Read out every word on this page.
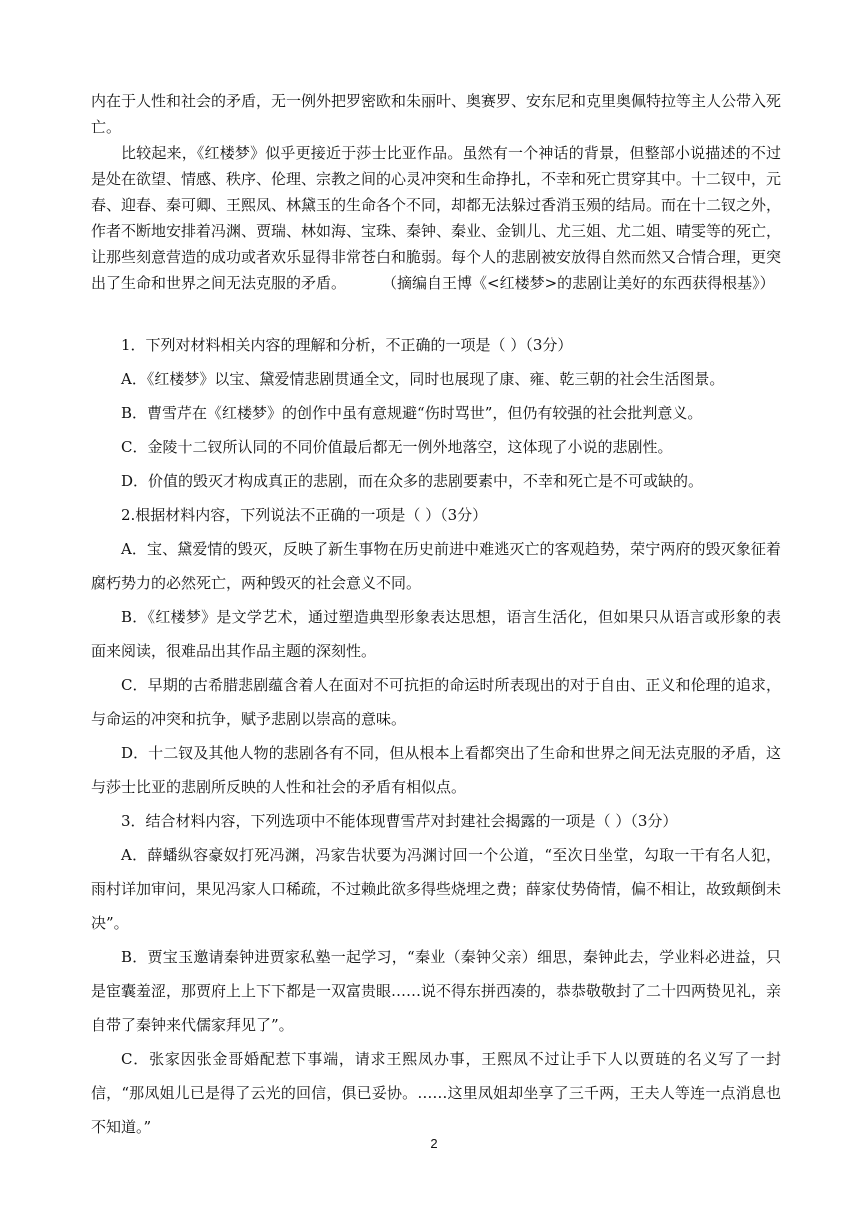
内在于人性和社会的矛盾，无一例外把罗密欧和朱丽叶、奥赛罗、安东尼和克里奥佩特拉等主人公带入死亡。

比较起来，《红楼梦》似乎更接近于莎士比亚作品。虽然有一个神话的背景，但整部小说描述的不过是处在欲望、情感、秩序、伦理、宗教之间的心灵冲突和生命挣扎，不幸和死亡贯穿其中。十二钗中，元春、迎春、秦可卿、王熙凤、林黛玉的生命各个不同，却都无法躲过香消玉殒的结局。而在十二钗之外，作者不断地安排着冯渊、贾瑞、林如海、宝珠、秦钟、秦业、金钏儿、尤三姐、尤二姐、晴雯等的死亡，让那些刻意营造的成功或者欢乐显得非常苍白和脆弱。每个人的悲剧被安放得自然而然又合情合理，更突出了生命和世界之间无法克服的矛盾。 （摘编自王博《<红楼梦>的悲剧让美好的东西获得根基》）

1．下列对材料相关内容的理解和分析，不正确的一项是（ ）（3分）

A．《红楼梦》以宝、黛爱情悲剧贯通全文，同时也展现了康、雍、乾三朝的社会生活图景。

B．曹雪芹在《红楼梦》的创作中虽有意规避“伤时骂世”，但仍有较强的社会批判意义。

C．金陵十二钗所认同的不同价值最后都无一例外地落空，这体现了小说的悲剧性。

D．价值的毁灭才构成真正的悲剧，而在众多的悲剧要素中，不幸和死亡是不可或缺的。

2.根据材料内容，下列说法不正确的一项是（ ）（3分）

A．宝、黛爱情的毁灭，反映了新生事物在历史前进中难逃灭亡的客观趋势，荣宁两府的毁灭象征着腐朽势力的必然死亡，两种毁灭的社会意义不同。

B．《红楼梦》是文学艺术，通过塑造典型形象表达思想，语言生活化，但如果只从语言或形象的表面来阅读，很难品出其作品主题的深刻性。

C．早期的古希腊悲剧蕴含着人在面对不可抗拒的命运时所表现出的对于自由、正义和伦理的追求，与命运的冲突和抗争，赋予悲剧以崇高的意味。

D．十二钗及其他人物的悲剧各有不同，但从根本上看都突出了生命和世界之间无法克服的矛盾，这与莎士比亚的悲剧所反映的人性和社会的矛盾有相似点。

3．结合材料内容，下列选项中不能体现曹雪芹对封建社会揭露的一项是（ ）（3分）

A．薛蟠纵容豪奴打死冯渊，冯家告状要为冯渊讨回一个公道，“至次日坐堂，勾取一干有名人犯，雨村详加审问，果见冯家人口稀疏，不过赖此欲多得些烧埋之费；薛家仗势倚情，偏不相让，故致颠倒未决”。

B．贾宝玉邀请秦钟进贾家私塾一起学习，“秦业（秦钟父亲）细思，秦钟此去，学业料必进益，只是宦囊羞涩，那贾府上上下下都是一双富贵眼……说不得东拼西凑的，恭恭敬敬封了二十四两贽见礼，亲自带了秦钟来代儒家拜见了”。

C．张家因张金哥婚配惹下事端，请求王熙凤办事，王熙凤不过让手下人以贾琏的名义写了一封信，“那凤姐儿已是得了云光的回信，俱已妥协。……这里凤姐却坐享了三千两，王夫人等连一点消息也不知道。”

2
